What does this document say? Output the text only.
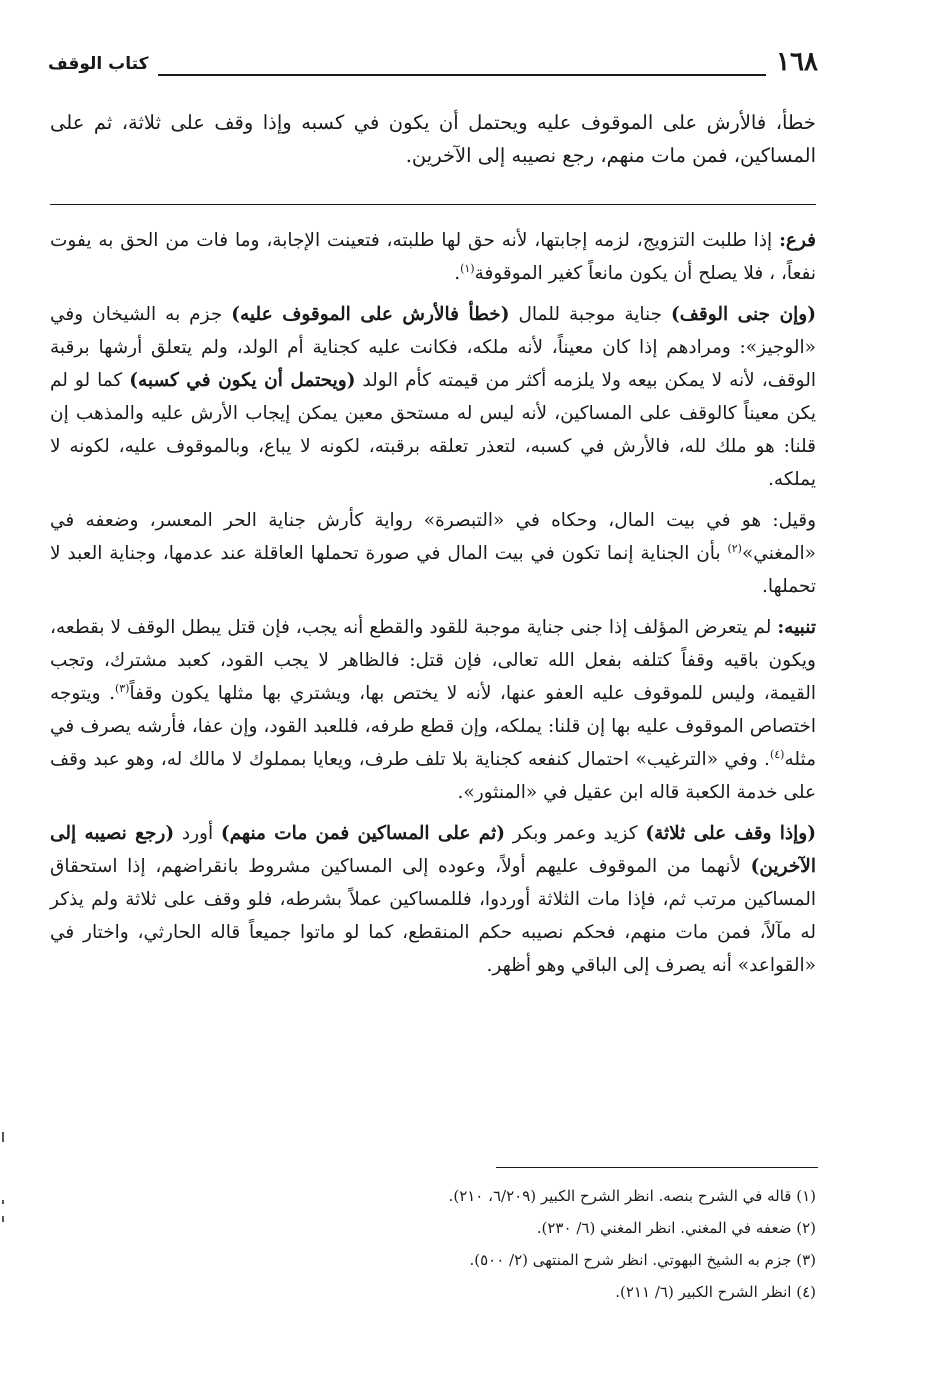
١٦٨
كتاب الوقف
خطأ، فالأرش على الموقوف عليه ويحتمل أن يكون في كسبه وإذا وقف على ثلاثة، ثم على المساكين، فمن مات منهم، رجع نصيبه إلى الآخرين.

فرع: إذا طلبت التزويج، لزمه إجابتها، لأنه حق لها طلبته، فتعينت الإجابة، وما فات من الحق به يفوت نفعاً، ، فلا يصلح أن يكون مانعاً كغير الموقوفة$^{(١)}$.

(وإن جنى الوقف) جناية موجبة للمال (خطأ فالأرش على الموقوف عليه) جزم به الشيخان وفي «الوجيز»: ومرادهم إذا كان معيناً، لأنه ملكه، فكانت عليه كجناية أم الولد، ولم يتعلق أرشها برقبة الوقف، لأنه لا يمكن بيعه ولا يلزمه أكثر من قيمته كأم الولد (ويحتمل أن يكون في كسبه) كما لو لم يكن معيناً كالوقف على المساكين، لأنه ليس له مستحق معين يمكن إيجاب الأرش عليه والمذهب إن قلنا: هو ملك لله، فالأرش في كسبه، لتعذر تعلقه برقبته، لكونه لا يباع، وبالموقوف عليه، لكونه لا يملكه.

وقيل: هو في بيت المال، وحكاه في «التبصرة» رواية كأرش جناية الحر المعسر، وضعفه في «المغني»$^{(٢)}$ بأن الجناية إنما تكون في بيت المال في صورة تحملها العاقلة عند عدمها، وجناية العبد لا تحملها.

تنبيه: لم يتعرض المؤلف إذا جنى جناية موجبة للقود والقطع أنه يجب، فإن قتل يبطل الوقف لا بقطعه، ويكون باقيه وقفاً كتلفه بفعل الله تعالى، فإن قتل: فالظاهر لا يجب القود، كعبد مشترك، وتجب القيمة، وليس للموقوف عليه العفو عنها، لأنه لا يختص بها، ويشتري بها مثلها يكون وقفاً$^{(٣)}$. ويتوجه اختصاص الموقوف عليه بها إن قلنا: يملكه، وإن قطع طرفه، فللعبد القود، وإن عفا، فأرشه يصرف في مثله$^{(٤)}$. وفي «الترغيب» احتمال كنفعه كجناية بلا تلف طرف، ويعايا بمملوك لا مالك له، وهو عبد وقف على خدمة الكعبة قاله ابن عقيل في «المنثور».

(وإذا وقف على ثلاثة) كزيد وعمر وبكر (ثم على المساكين فمن مات منهم) أورد (رجع نصيبه إلى الآخرين) لأنهما من الموقوف عليهم أولاً، وعوده إلى المساكين مشروط بانقراضهم، إذا استحقاق المساكين مرتب ثم، فإذا مات الثلاثة أوردوا، فللمساكين عملاً بشرطه، فلو وقف على ثلاثة ولم يذكر له مآلاً، فمن مات منهم، فحكم نصيبه حكم المنقطع، كما لو ماتوا جميعاً قاله الحارثي، واختار في «القواعد» أنه يصرف إلى الباقي وهو أظهر.

(١) قاله في الشرح بنصه. انظر الشرح الكبير (٦/٢٠٩، ٢١٠).
(٢) ضعفه في المغني. انظر المغني (٦/ ٢٣٠).
(٣) جزم به الشيخ البهوتي. انظر شرح المنتهى (٢/ ٥٠٠).
(٤) انظر الشرح الكبير (٦/ ٢١١).
